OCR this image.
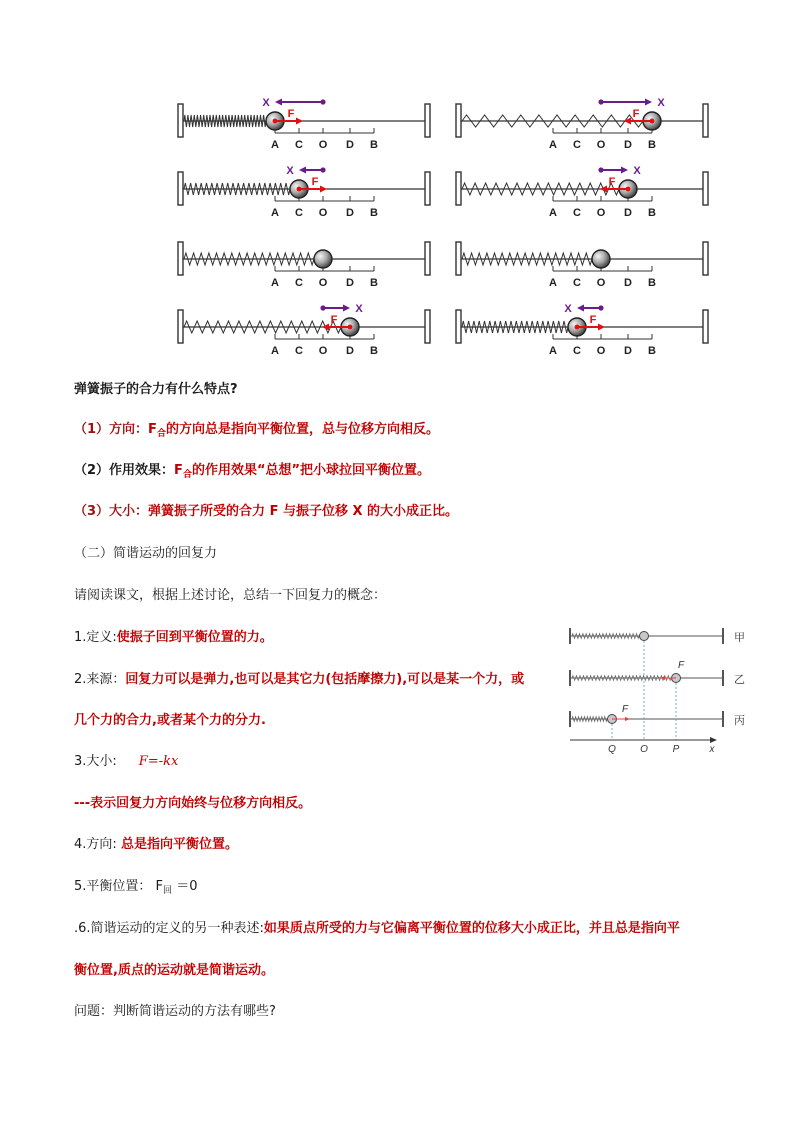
A C O D B
X
F
A C O D B
X
F
A C O D B
X
F
A C O D B
X
F
A C O D B	A C O D B
A C O D B
X
F
A C O D B
X
F
弹簧振子的合力有什么特点?
（1）方向：$F_合$的方向总是指向平衡位置，总与位移方向相反。
（2）作用效果：$F_合$的作用效果“总想”把小球拉回平衡位置。
（3）大小：弹簧振子所受的合力 F 与振子位移 X 的大小成正比。
（二）简谐运动的回复力
请阅读课文，根据上述讨论，总结一下回复力的概念：
1.定义:使振子回到平衡位置的力。
2.来源：回复力可以是弹力,也可以是其它力(包括摩擦力),可以是某一个力，或
几个力的合力,或者某个力的分力.
3.大小: F=-kx
---表示回复力方向始终与位移方向相反。
4.方向: 总是指向平衡位置。
5.平衡位置： $F_回 =0$
.6.简谐运动的定义的另一种表述:如果质点所受的力与它偏离平衡位置的位移大小成正比，并且总是指向平
衡位置,质点的运动就是简谐运动。
问题：判断简谐运动的方法有哪些?
甲
乙
丙
F
F
Q O P	x
